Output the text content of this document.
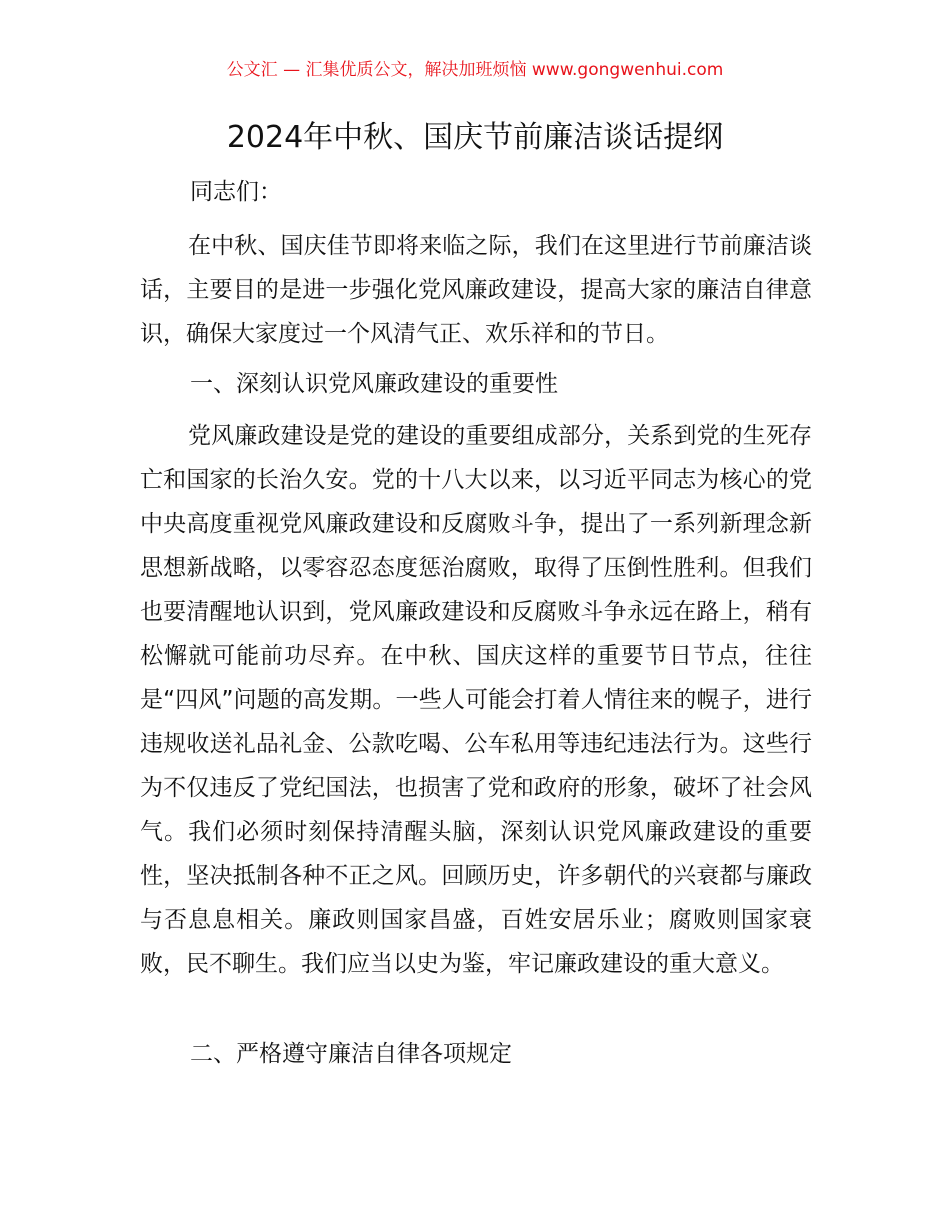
公文汇 — 汇集优质公文，解决加班烦恼 www.gongwenhui.com
2024年中秋、国庆节前廉洁谈话提纲
同志们：

在中秋、国庆佳节即将来临之际，我们在这里进行节前廉洁谈话，主要目的是进一步强化党风廉政建设，提高大家的廉洁自律意识，确保大家度过一个风清气正、欢乐祥和的节日。

一、深刻认识党风廉政建设的重要性

党风廉政建设是党的建设的重要组成部分，关系到党的生死存亡和国家的长治久安。党的十八大以来，以习近平同志为核心的党中央高度重视党风廉政建设和反腐败斗争，提出了一系列新理念新思想新战略，以零容忍态度惩治腐败，取得了压倒性胜利。但我们也要清醒地认识到，党风廉政建设和反腐败斗争永远在路上，稍有松懈就可能前功尽弃。在中秋、国庆这样的重要节日节点，往往是“四风”问题的高发期。一些人可能会打着人情往来的幌子，进行违规收送礼品礼金、公款吃喝、公车私用等违纪违法行为。这些行为不仅违反了党纪国法，也损害了党和政府的形象，破坏了社会风气。我们必须时刻保持清醒头脑，深刻认识党风廉政建设的重要性，坚决抵制各种不正之风。回顾历史，许多朝代的兴衰都与廉政与否息息相关。廉政则国家昌盛，百姓安居乐业；腐败则国家衰败，民不聊生。我们应当以史为鉴，牢记廉政建设的重大意义。

二、严格遵守廉洁自律各项规定
